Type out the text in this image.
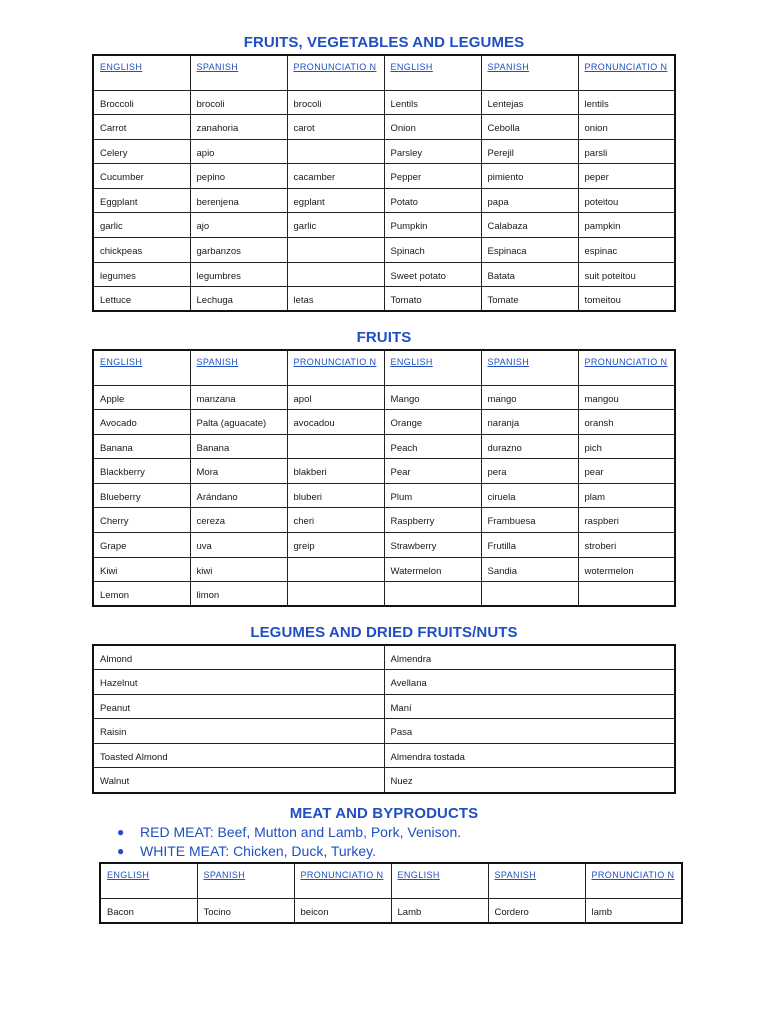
FRUITS, VEGETABLES AND LEGUMES
ENGLISH	SPANISH	PRONUNCIATIO N	ENGLISH	SPANISH	PRONUNCIATIO N
Broccoli	brocoli	brocoli	Lentils	Lentejas	lentils
Carrot	zanahoria	carot	Onion	Cebolla	onion
Celery	apio		Parsley	Perejil	parsli
Cucumber	pepino	cacamber	Pepper	pimiento	peper
Eggplant	berenjena	egplant	Potato	papa	poteitou
garlic	ajo	garlic	Pumpkin	Calabaza	pampkin
chickpeas	garbanzos		Spinach	Espinaca	espinac
legumes	legumbres		Sweet potato	Batata	suit poteitou
Lettuce	Lechuga	letas	Tomato	Tomate	tomeitou
FRUITS
ENGLISH	SPANISH	PRONUNCIATIO N	ENGLISH	SPANISH	PRONUNCIATIO N
Apple	manzana	apol	Mango	mango	mangou
Avocado	Palta (aguacate)	avocadou	Orange	naranja	oransh
Banana	Banana		Peach	durazno	pich
Blackberry	Mora	blakberi	Pear	pera	pear
Blueberry	Arándano	bluberi	Plum	ciruela	plam
Cherry	cereza	cheri	Raspberry	Frambuesa	raspberi
Grape	uva	greip	Strawberry	Frutilla	stroberi
Kiwi	kiwi		Watermelon	Sandia	wotermelon
Lemon	limon				
LEGUMES AND DRIED FRUITS/NUTS
Almond	Almendra
Hazelnut	Avellana
Peanut	Maní
Raisin	Pasa
Toasted Almond	Almendra tostada
Walnut	Nuez
MEAT AND BYPRODUCTS
● RED MEAT: Beef, Mutton and Lamb, Pork, Venison.
● WHITE MEAT: Chicken, Duck, Turkey.
ENGLISH	SPANISH	PRONUNCIATIO N	ENGLISH	SPANISH	PRONUNCIATIO N
Bacon	Tocino	beicon	Lamb	Cordero	lamb
